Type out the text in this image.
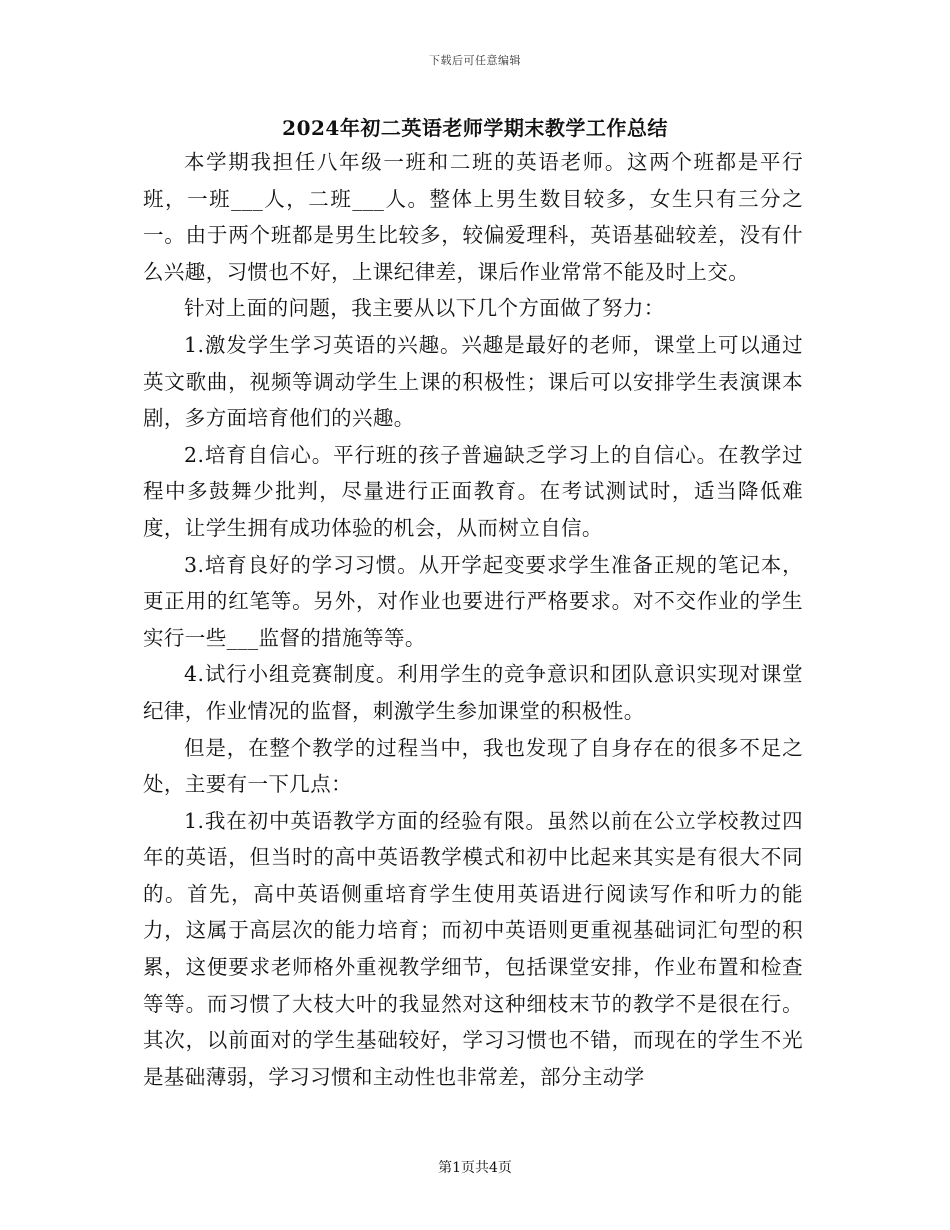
下载后可任意编辑
2024年初二英语老师学期末教学工作总结

本学期我担任八年级一班和二班的英语老师。这两个班都是平行班，一班___人，二班___人。整体上男生数目较多，女生只有三分之一。由于两个班都是男生比较多，较偏爱理科，英语基础较差，没有什么兴趣，习惯也不好，上课纪律差，课后作业常常不能及时上交。

针对上面的问题，我主要从以下几个方面做了努力：

1.激发学生学习英语的兴趣。兴趣是最好的老师，课堂上可以通过英文歌曲，视频等调动学生上课的积极性；课后可以安排学生表演课本剧，多方面培育他们的兴趣。

2.培育自信心。平行班的孩子普遍缺乏学习上的自信心。在教学过程中多鼓舞少批判，尽量进行正面教育。在考试测试时，适当降低难度，让学生拥有成功体验的机会，从而树立自信。

3.培育良好的学习习惯。从开学起变要求学生准备正规的笔记本，更正用的红笔等。另外，对作业也要进行严格要求。对不交作业的学生实行一些___监督的措施等等。

4.试行小组竞赛制度。利用学生的竞争意识和团队意识实现对课堂纪律，作业情况的监督，刺激学生参加课堂的积极性。

但是，在整个教学的过程当中，我也发现了自身存在的很多不足之处，主要有一下几点：

1.我在初中英语教学方面的经验有限。虽然以前在公立学校教过四年的英语，但当时的高中英语教学模式和初中比起来其实是有很大不同的。首先，高中英语侧重培育学生使用英语进行阅读写作和听力的能力，这属于高层次的能力培育；而初中英语则更重视基础词汇句型的积累，这便要求老师格外重视教学细节，包括课堂安排，作业布置和检查等等。而习惯了大枝大叶的我显然对这种细枝末节的教学不是很在行。其次，以前面对的学生基础较好，学习习惯也不错，而现在的学生不光是基础薄弱，学习习惯和主动性也非常差，部分主动学

第1页共4页
